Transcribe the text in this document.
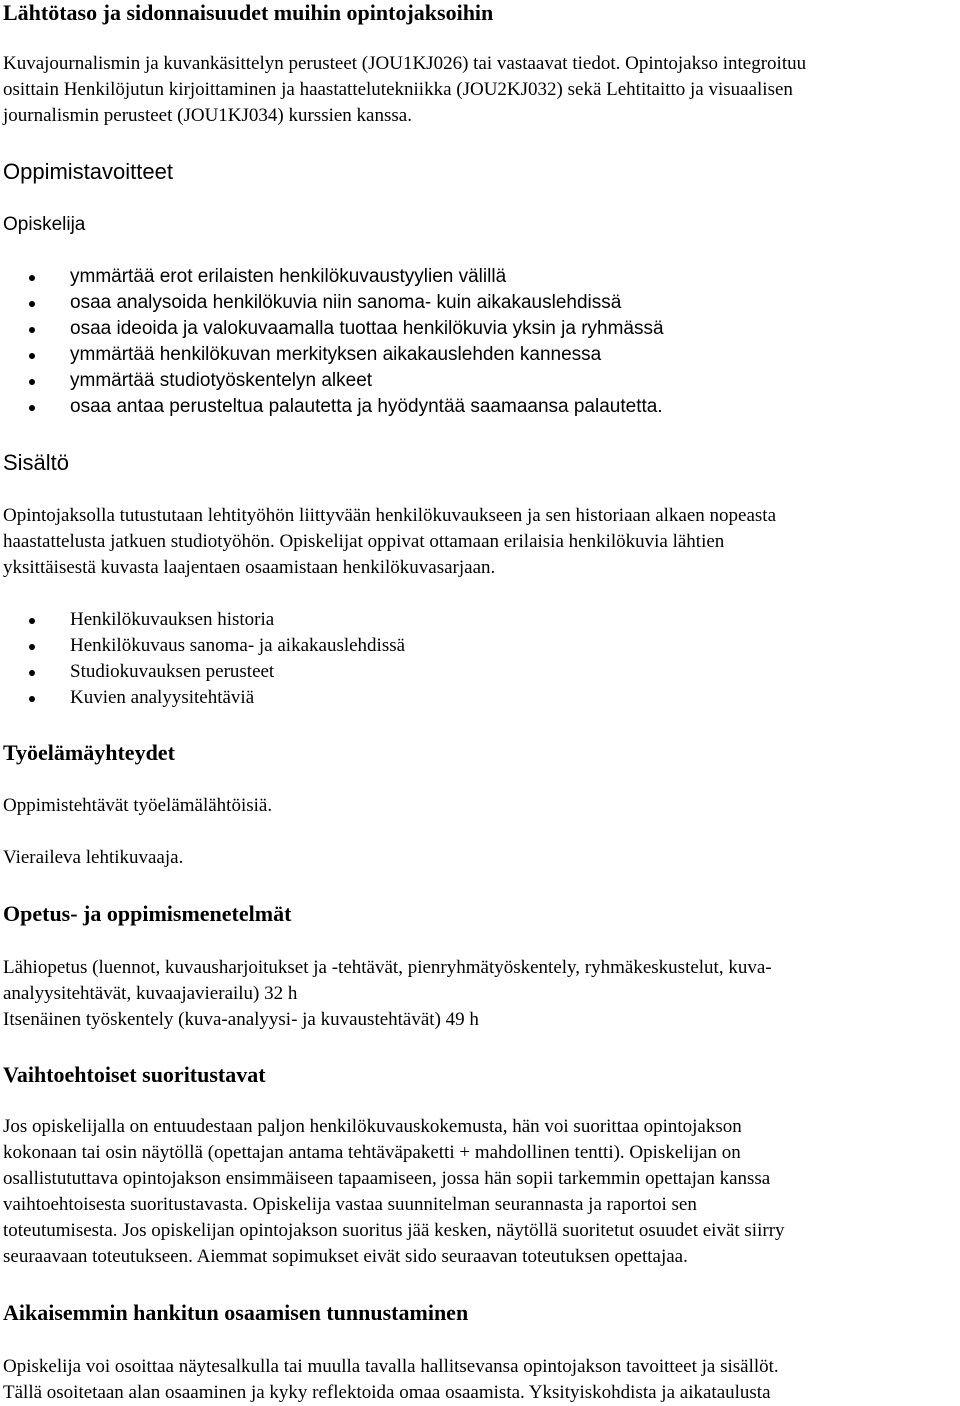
Lähtötaso ja sidonnaisuudet muihin opintojaksoihin
Kuvajournalismin ja kuvankäsittelyn perusteet (JOU1KJ026) tai vastaavat tiedot. Opintojakso integroituu
osittain Henkilöjutun kirjoittaminen ja haastattelutekniikka (JOU2KJ032) sekä Lehtitaitto ja visuaalisen
journalismin perusteet (JOU1KJ034) kurssien kanssa.
Oppimistavoitteet
Opiskelija
ymmärtää erot erilaisten henkilökuvaustyylien välillä
osaa analysoida henkilökuvia niin sanoma- kuin aikakauslehdissä
osaa ideoida ja valokuvaamalla tuottaa henkilökuvia yksin ja ryhmässä
ymmärtää henkilökuvan merkityksen aikakauslehden kannessa
ymmärtää studiotyöskentelyn alkeet
osaa antaa perusteltua palautetta ja hyödyntää saamaansa palautetta.
Sisältö
Opintojaksolla tutustutaan lehtityöhön liittyvään henkilökuvaukseen ja sen historiaan alkaen nopeasta
haastattelusta jatkuen studiotyöhön. Opiskelijat oppivat ottamaan erilaisia henkilökuvia lähtien
yksittäisestä kuvasta laajentaen osaamistaan henkilökuvasarjaan.
Henkilökuvauksen historia
Henkilökuvaus sanoma- ja aikakauslehdissä
Studiokuvauksen perusteet
Kuvien analyysitehtäviä
Työelämäyhteydet
Oppimistehtävät työelämälähtöisiä.
Vieraileva lehtikuvaaja.
Opetus- ja oppimismenetelmät
Lähiopetus (luennot, kuvausharjoitukset ja -tehtävät, pienryhmätyöskentely, ryhmäkeskustelut, kuva-
analyysitehtävät, kuvaajavierailu) 32 h
Itsenäinen työskentely (kuva-analyysi- ja kuvaustehtävät) 49 h
Vaihtoehtoiset suoritustavat
Jos opiskelijalla on entuudestaan paljon henkilökuvauskokemusta, hän voi suorittaa opintojakson
kokonaan tai osin näytöllä (opettajan antama tehtäväpaketti + mahdollinen tentti). Opiskelijan on
osallistututtava opintojakson ensimmäiseen tapaamiseen, jossa hän sopii tarkemmin opettajan kanssa
vaihtoehtoisesta suoritustavasta. Opiskelija vastaa suunnitelman seurannasta ja raportoi sen
toteutumisesta. Jos opiskelijan opintojakson suoritus jää kesken, näytöllä suoritetut osuudet eivät siirry
seuraavaan toteutukseen. Aiemmat sopimukset eivät sido seuraavan toteutuksen opettajaa.
Aikaisemmin hankitun osaamisen tunnustaminen
Opiskelija voi osoittaa näytesalkulla tai muulla tavalla hallitsevansa opintojakson tavoitteet ja sisällöt.
Tällä osoitetaan alan osaaminen ja kyky reflektoida omaa osaamista. Yksityiskohdista ja aikataulusta
